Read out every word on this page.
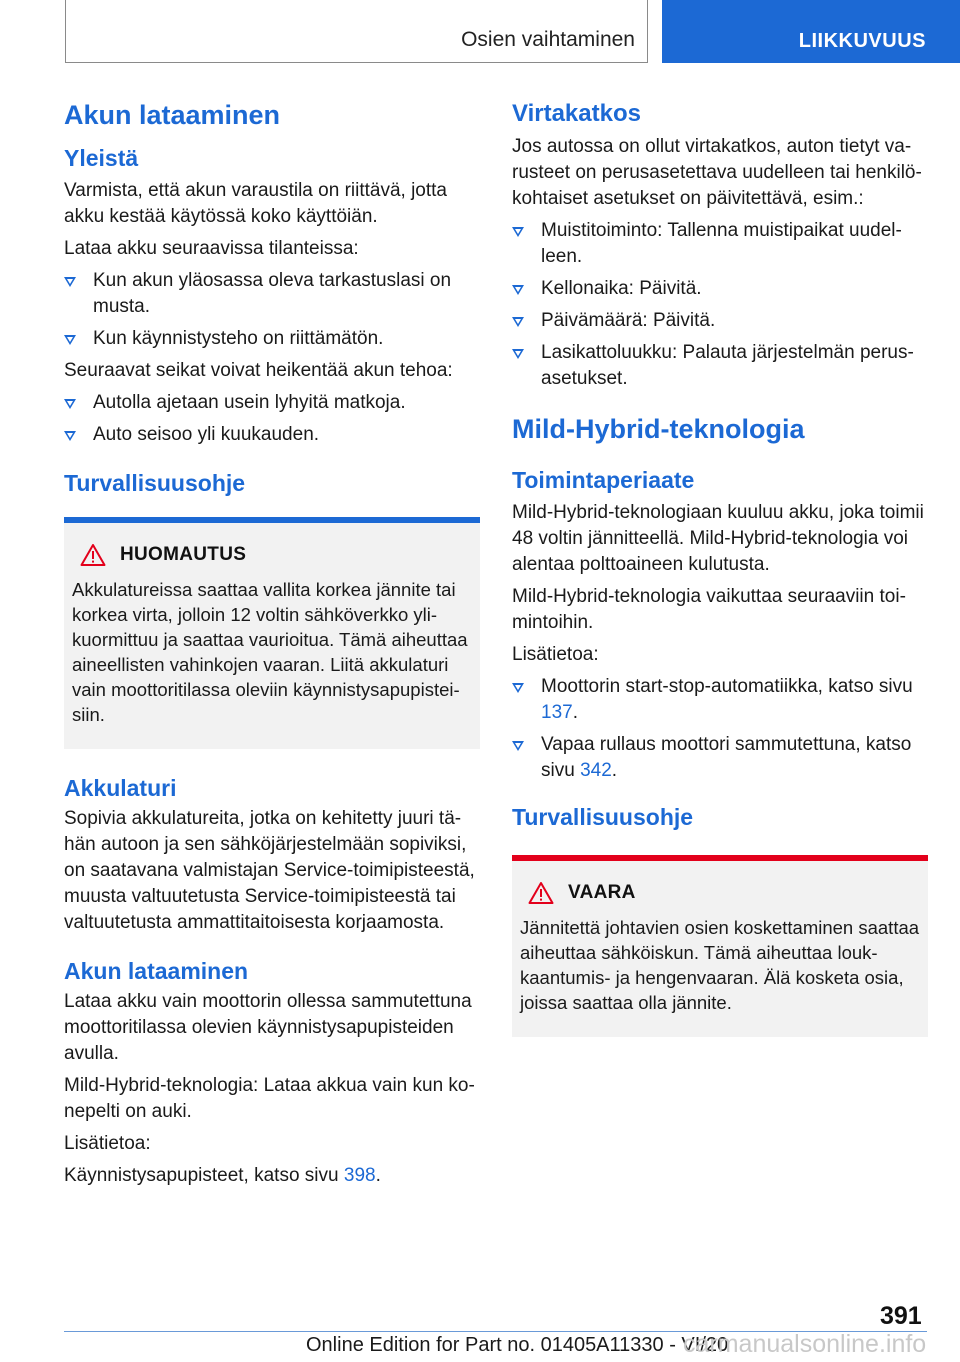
Osien vaihtaminen	LIIKKUVUUS
Akun lataaminen
Yleistä

Varmista, että akun varaustila on riittävä, jotta akku kestää käytössä koko käyttöiän.

Lataa akku seuraavissa tilanteissa:

Kun akun yläosassa oleva tarkastuslasi on musta.
Kun käynnistysteho on riittämätön.

Seuraavat seikat voivat heikentää akun tehoa:

Autolla ajetaan usein lyhyitä matkoja.
Auto seisoo yli kuukauden.
Turvallisuusohje
HUOMAUTUS

Akkulatureissa saattaa vallita korkea jännite tai korkea virta, jolloin 12 voltin sähköverkko ylikuormittuu ja saattaa vaurioitua. Tämä aiheuttaa aineellisten vahinkojen vaaran. Liitä akkulaturi vain moottoritilassa oleviin käynnistysapupisteisiin.

Akkulaturi

Sopivia akkulatureita, jotka on kehitetty juuri tähän autoon ja sen sähköjärjestelmään sopiviksi, on saatavana valmistajan Service-toimipisteestä, muusta valtuutetusta Service-toimipisteestä tai valtuutetusta ammattitaitoisesta korjaamosta.

Akun lataaminen

Lataa akku vain moottorin ollessa sammutettuna moottoritilassa olevien käynnistysapupisteiden avulla.

Mild-Hybrid-teknologia: Lataa akkua vain kun konepelti on auki.

Lisätietoa:

Käynnistysapupisteet, katso sivu 398.

Virtakatkos

Jos autossa on ollut virtakatkos, auton tietyt varusteet on perusasetettava uudelleen tai henkilökohtaiset asetukset on päivitettävä, esim.:

Muistitoiminto: Tallenna muistipaikat uudelleen.
Kellonaika: Päivitä.
Päivämäärä: Päivitä.
Lasikattoluukku: Palauta järjestelmän perusasetukset.
Mild-Hybrid-teknologia
Toimintaperiaate

Mild-Hybrid-teknologiaan kuuluu akku, joka toimii 48 voltin jännitteellä. Mild-Hybrid-teknologia voi alentaa polttoaineen kulutusta.

Mild-Hybrid-teknologia vaikuttaa seuraaviin toimintoihin.

Lisätietoa:

Moottorin start-stop-automatiikka, katso sivu 137.
Vapaa rullaus moottori sammutettuna, katso sivu 342.
Turvallisuusohje
VAARA

Jännitettä johtavien osien koskettaminen saattaa aiheuttaa sähköiskun. Tämä aiheuttaa loukkaantumis- ja hengenvaaran. Älä kosketa osia, joissa saattaa olla jännite.

391
Online Edition for Part no. 01405A11330 - VI/20
carmanualsonline.info
